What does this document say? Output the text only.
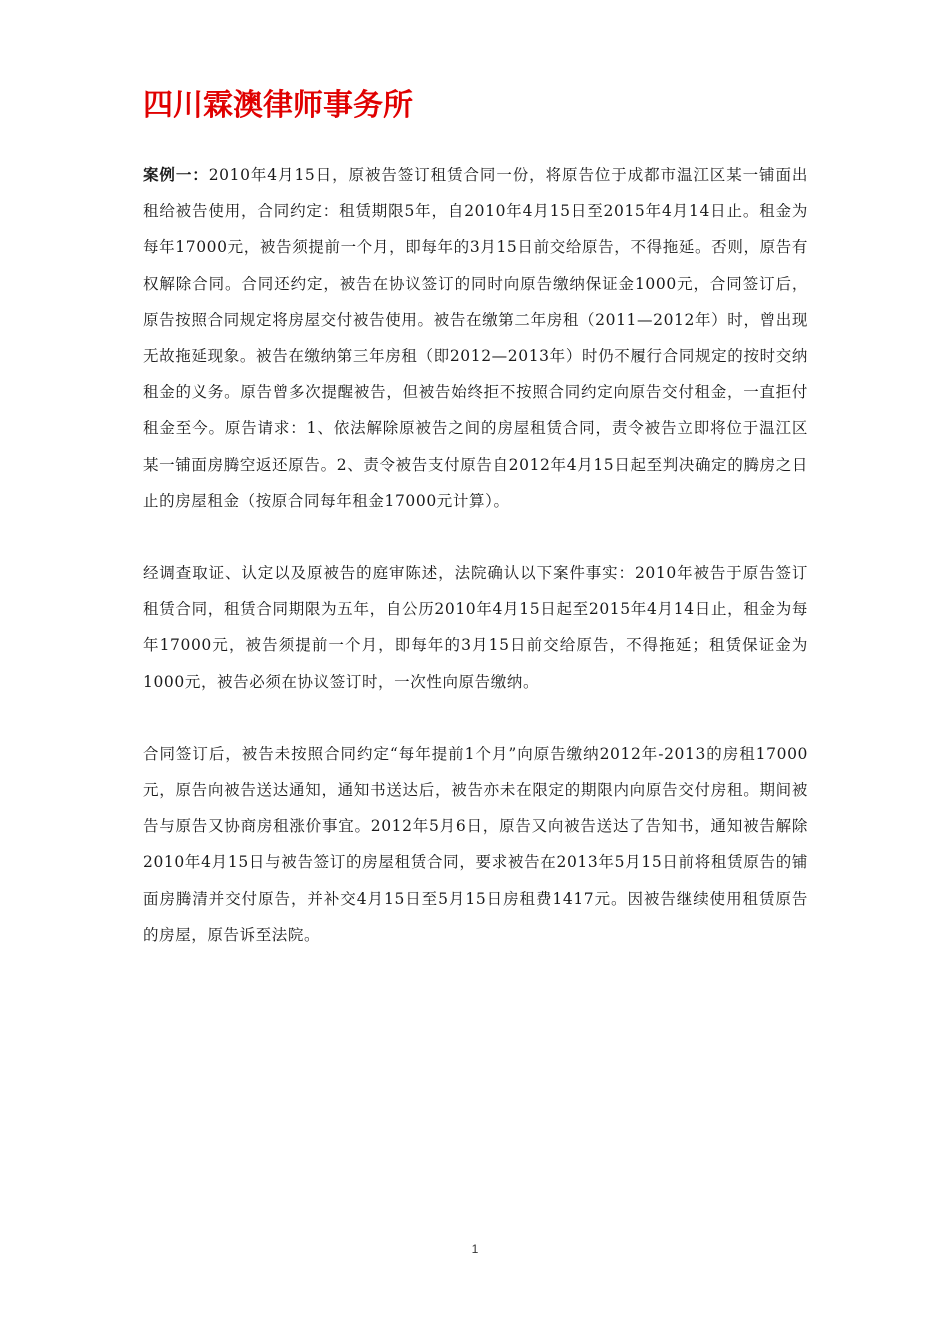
四川霖澳律师事务所

案例一：2010年4月15日，原被告签订租赁合同一份，将原告位于成都市温江区某一铺面出租给被告使用，合同约定：租赁期限5年，自2010年4月15日至2015年4月14日止。租金为每年17000元，被告须提前一个月，即每年的3月15日前交给原告，不得拖延。否则，原告有权解除合同。合同还约定，被告在协议签订的同时向原告缴纳保证金1000元，合同签订后，原告按照合同规定将房屋交付被告使用。被告在缴第二年房租（2011—2012年）时，曾出现无故拖延现象。被告在缴纳第三年房租（即2012—2013年）时仍不履行合同规定的按时交纳租金的义务。原告曾多次提醒被告，但被告始终拒不按照合同约定向原告交付租金，一直拒付租金至今。原告请求：1、依法解除原被告之间的房屋租赁合同，责令被告立即将位于温江区某一铺面房腾空返还原告。2、责令被告支付原告自2012年4月15日起至判决确定的腾房之日止的房屋租金（按原合同每年租金17000元计算）。

经调查取证、认定以及原被告的庭审陈述，法院确认以下案件事实：2010年被告于原告签订租赁合同，租赁合同期限为五年，自公历2010年4月15日起至2015年4月14日止，租金为每年17000元，被告须提前一个月，即每年的3月15日前交给原告，不得拖延；租赁保证金为1000元，被告必须在协议签订时，一次性向原告缴纳。

合同签订后，被告未按照合同约定“每年提前1个月”向原告缴纳2012年-2013的房租17000元，原告向被告送达通知，通知书送达后，被告亦未在限定的期限内向原告交付房租。期间被告与原告又协商房租涨价事宜。2012年5月6日，原告又向被告送达了告知书，通知被告解除2010年4月15日与被告签订的房屋租赁合同，要求被告在2013年5月15日前将租赁原告的铺面房腾清并交付原告，并补交4月15日至5月15日房租费1417元。因被告继续使用租赁原告的房屋，原告诉至法院。

1
